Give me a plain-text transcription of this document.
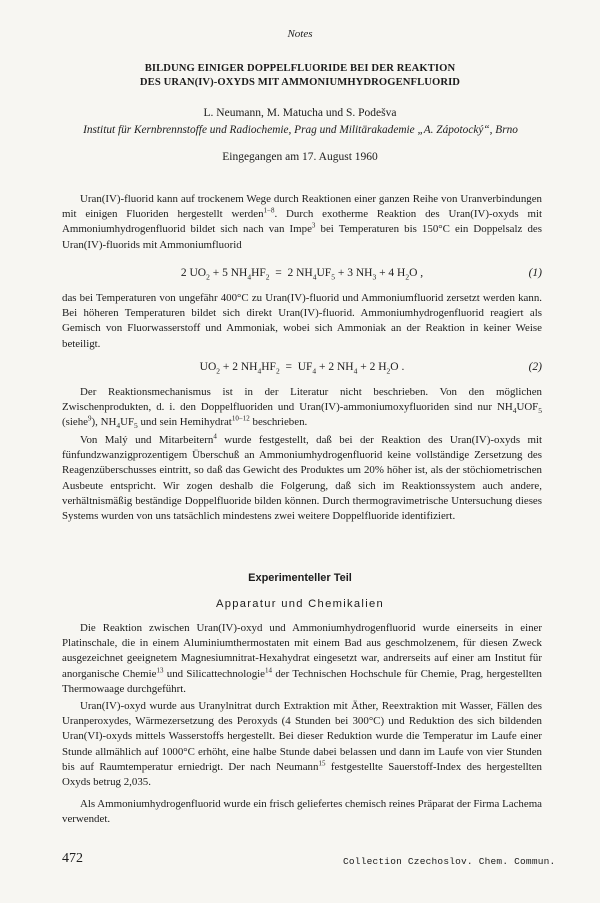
Notes
BILDUNG EINIGER DOPPELFLUORIDE BEI DER REAKTION
DES URAN(IV)-OXYDS MIT AMMONIUMHYDROGENFLUORID
L. Neumann, M. Matucha und S. Podešva
Institut für Kernbrennstoffe und Radiochemie, Prag und Militärakademie „A. Zápotocký“, Brno
Eingegangen am 17. August 1960

Uran(IV)-fluorid kann auf trockenem Wege durch Reaktionen einer ganzen Reihe von Uranverbindungen mit einigen Fluoriden hergestellt werden$^{1-8}$. Durch exotherme Reaktion des Uran(IV)-oxyds mit Ammoniumhydrogenfluorid bildet sich nach van Impe$^3$ bei Temperaturen bis 150°C ein Doppelsalz des Uran(IV)-fluorids mit Ammoniumfluorid

2 $UO_2 + 5$ $NH_4HF_2 = 2$ $NH_4UF_5 + 3$ $NH_3 + 4$ $H_2O$ ,	(1)

das bei Temperaturen von ungefähr 400°C zu Uran(IV)-fluorid und Ammoniumfluorid zersetzt werden kann. Bei höheren Temperaturen bildet sich direkt Uran(IV)-fluorid. Ammoniumhydrogenfluorid reagiert als Gemisch von Fluorwasserstoff und Ammoniak, wobei sich Ammoniak an der Reaktion in keiner Weise beteiligt.

$UO_2 + 2$ $NH_4HF_2 = UF_4 + 2$ $NH_4 + 2$ $H_2O$ .	(2)

Der Reaktionsmechanismus ist in der Literatur nicht beschrieben. Von den möglichen Zwischenprodukten, d. i. den Doppelfluoriden und Uran(IV)-ammoniumoxyfluoriden sind nur $NH_4UOF_5$ (siehe$^9$), $NH_4UF_5$ und sein Hemihydrat$^{10-12}$ beschrieben.

Von Malý und Mitarbeitern$^4$ wurde festgestellt, daß bei der Reaktion des Uran(IV)-oxyds mit fünfundzwanzigprozentigem Überschuß an Ammoniumhydrogenfluorid keine vollständige Zersetzung des Reagenzüberschusses eintritt, so daß das Gewicht des Produktes um 20% höher ist, als der stöchiometrischen Ausbeute entspricht. Wir zogen deshalb die Folgerung, daß sich im Reaktionssystem auch andere, verhältnismäßig beständige Doppelfluoride bilden können. Durch thermogravimetrische Untersuchung dieses Systems wurden von uns tatsächlich mindestens zwei weitere Doppelfluoride identifiziert.

Experimenteller Teil
Apparatur und Chemikalien

Die Reaktion zwischen Uran(IV)-oxyd und Ammoniumhydrogenfluorid wurde einerseits in einer Platinschale, die in einem Aluminiumthermostaten mit einem Bad aus geschmolzenem, für diesen Zweck ausgezeichnet geeignetem Magnesiumnitrat-Hexahydrat eingesetzt war, andrerseits auf einer am Institut für anorganische Chemie$^{13}$ und Silicattechnologie$^{14}$ der Technischen Hochschule für Chemie, Prag, hergestellten Thermowaage durchgeführt.

Uran(IV)-oxyd wurde aus Uranylnitrat durch Extraktion mit Äther, Reextraktion mit Wasser, Fällen des Uranperoxydes, Wärmezersetzung des Peroxyds (4 Stunden bei 300°C) und Reduktion des sich bildenden Uran(VI)-oxyds mittels Wasserstoffs hergestellt. Bei dieser Reduktion wurde die Temperatur im Laufe einer Stunde allmählich auf 1000°C erhöht, eine halbe Stunde dabei belassen und dann im Laufe von vier Stunden bis auf Raumtemperatur erniedrigt. Der nach Neumann$^{15}$ festgestellte Sauerstoff-Index des hergestellten Oxyds betrug 2,035.

Als Ammoniumhydrogenfluorid wurde ein frisch geliefertes chemisch reines Präparat der Firma Lachema verwendet.

472	Collection Czechoslov. Chem. Commun.
